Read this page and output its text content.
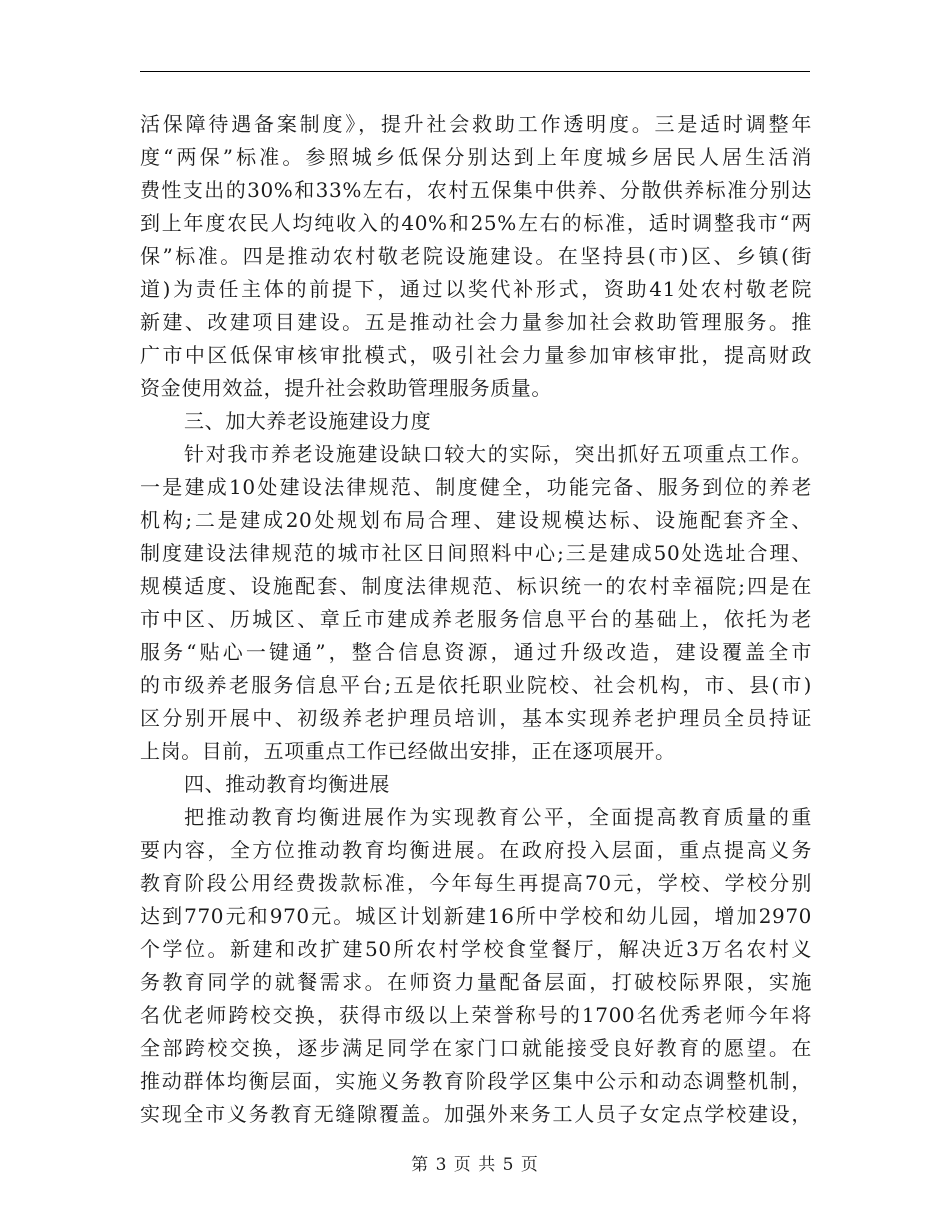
活保障待遇备案制度》，提升社会救助工作透明度。三是适时调整年
度“两保”标准。参照城乡低保分别达到上年度城乡居民人居生活消
费性支出的30%和33%左右，农村五保集中供养、分散供养标准分别达
到上年度农民人均纯收入的40%和25%左右的标准，适时调整我市“两
保”标准。四是推动农村敬老院设施建设。在坚持县(市)区、乡镇(街
道)为责任主体的前提下，通过以奖代补形式，资助41处农村敬老院
新建、改建项目建设。五是推动社会力量参加社会救助管理服务。推
广市中区低保审核审批模式，吸引社会力量参加审核审批，提高财政
资金使用效益，提升社会救助管理服务质量。
三、加大养老设施建设力度
针对我市养老设施建设缺口较大的实际，突出抓好五项重点工作。
一是建成10处建设法律规范、制度健全，功能完备、服务到位的养老
机构;二是建成20处规划布局合理、建设规模达标、设施配套齐全、
制度建设法律规范的城市社区日间照料中心;三是建成50处选址合理、
规模适度、设施配套、制度法律规范、标识统一的农村幸福院;四是在
市中区、历城区、章丘市建成养老服务信息平台的基础上，依托为老
服务“贴心一键通”，整合信息资源，通过升级改造，建设覆盖全市
的市级养老服务信息平台;五是依托职业院校、社会机构，市、县(市)
区分别开展中、初级养老护理员培训，基本实现养老护理员全员持证
上岗。目前，五项重点工作已经做出安排，正在逐项展开。
四、推动教育均衡进展
把推动教育均衡进展作为实现教育公平，全面提高教育质量的重
要内容，全方位推动教育均衡进展。在政府投入层面，重点提高义务
教育阶段公用经费拨款标准，今年每生再提高70元，学校、学校分别
达到770元和970元。城区计划新建16所中学校和幼儿园，增加2970
个学位。新建和改扩建50所农村学校食堂餐厅，解决近3万名农村义
务教育同学的就餐需求。在师资力量配备层面，打破校际界限，实施
名优老师跨校交换，获得市级以上荣誉称号的1700名优秀老师今年将
全部跨校交换，逐步满足同学在家门口就能接受良好教育的愿望。在
推动群体均衡层面，实施义务教育阶段学区集中公示和动态调整机制，
实现全市义务教育无缝隙覆盖。加强外来务工人员子女定点学校建设，
第 3 页 共 5 页
